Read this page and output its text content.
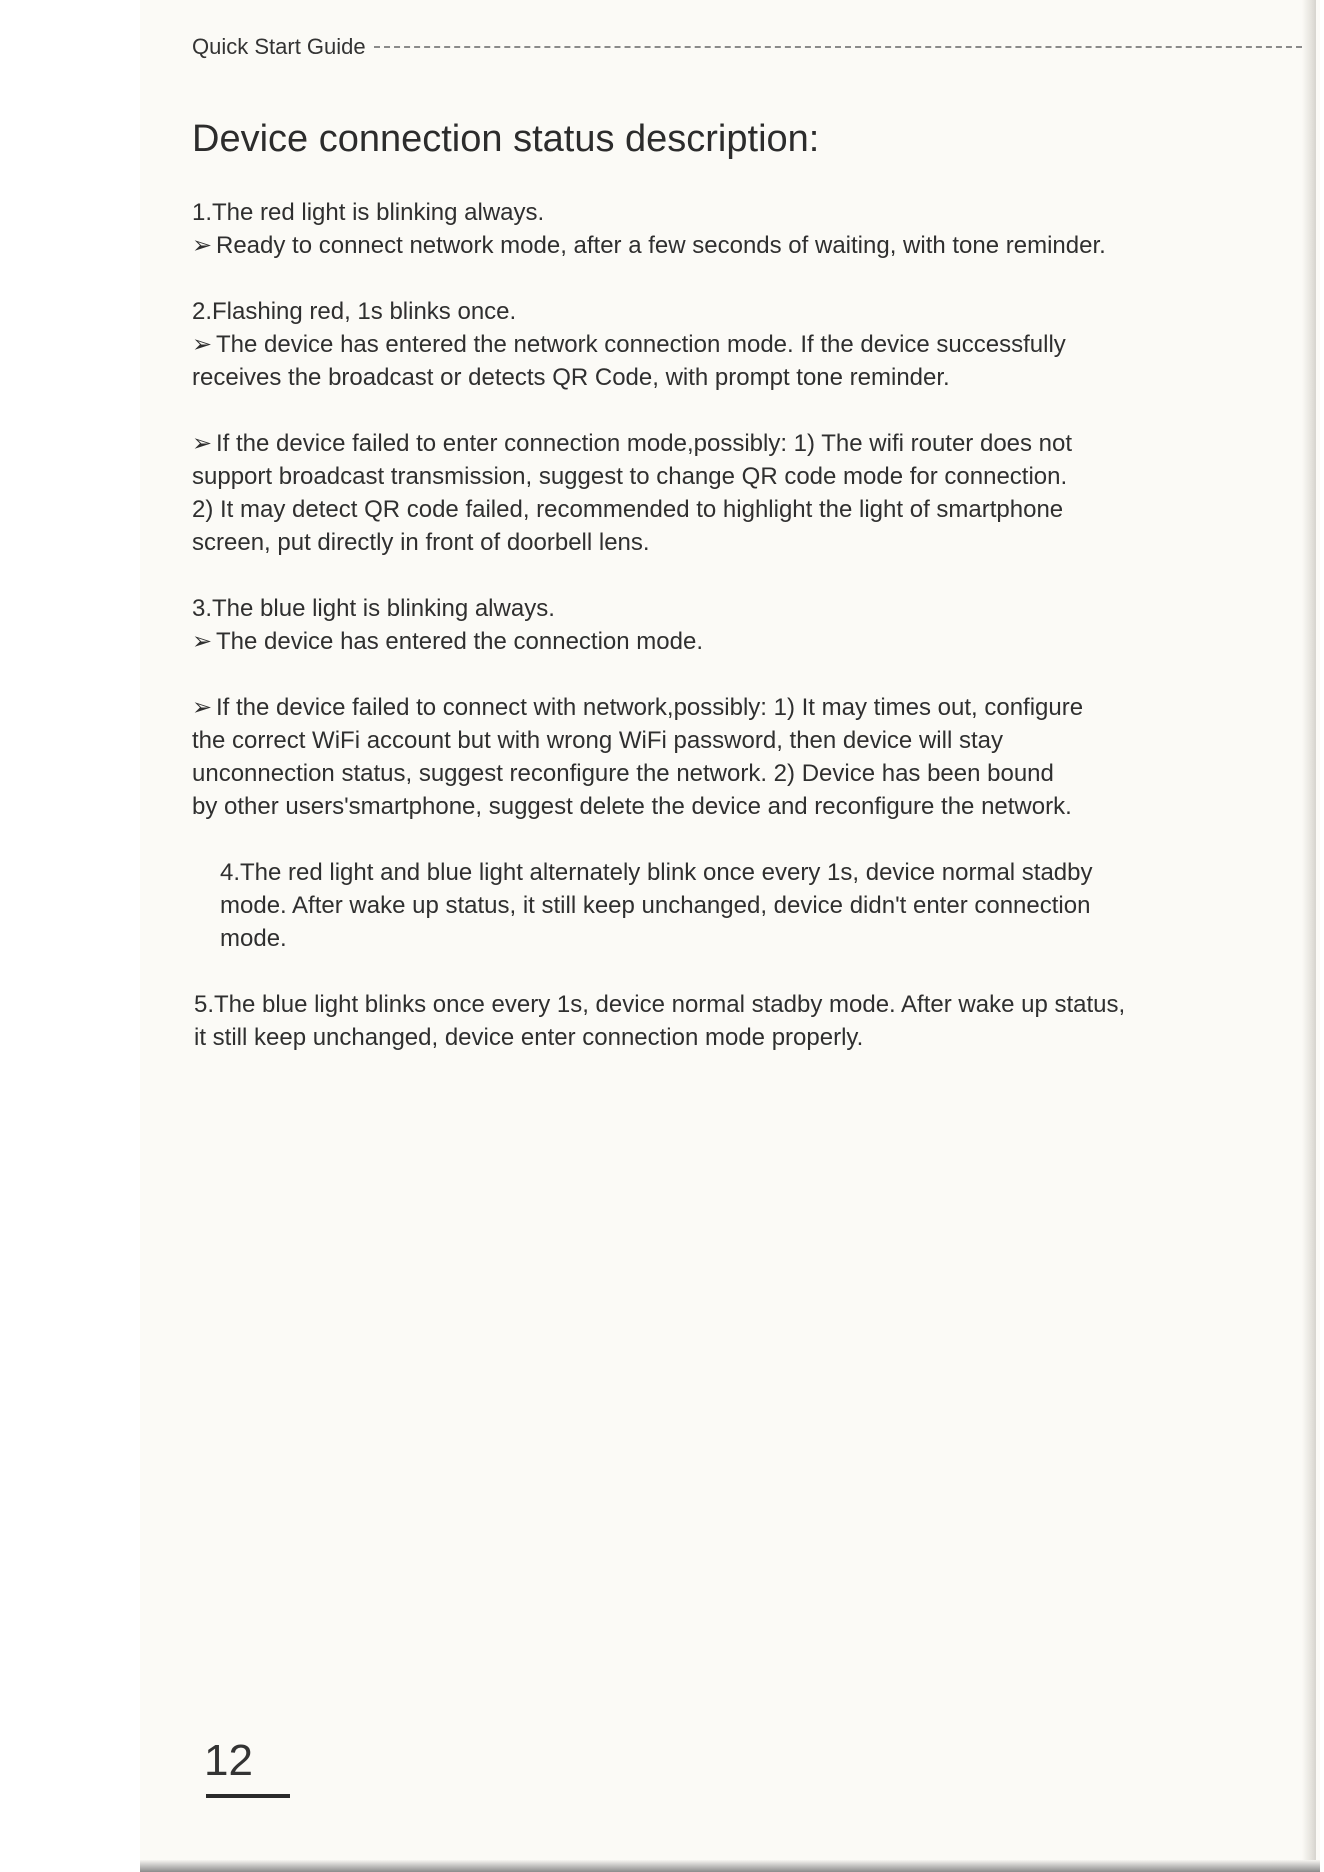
Quick Start Guide
Device connection status description:

1.The red light is blinking always.

➢ Ready to connect network mode, after a few seconds of waiting, with tone reminder.

2.Flashing red, 1s blinks once.

➢ The device has entered the network connection mode. If the device successfully

receives the broadcast or detects QR Code, with prompt tone reminder.

➢ If the device failed to enter connection mode,possibly: 1) The wifi router does not

support broadcast transmission, suggest to change QR code mode for connection.

2) It may detect QR code failed, recommended to highlight the light of smartphone

screen, put directly in front of doorbell lens.

3.The blue light is blinking always.

➢ The device has entered the connection mode.

➢ If the device failed to connect with network,possibly: 1) It may times out, configure

the correct WiFi account but with wrong WiFi password, then device will stay

unconnection status, suggest reconfigure the network. 2) Device has been bound

by other users'smartphone, suggest delete the device and reconfigure the network.

4.The red light and blue light alternately blink once every 1s, device normal stadby

mode. After wake up status, it still keep unchanged, device didn't enter connection

mode.

5.The blue light blinks once every 1s, device normal stadby mode. After wake up status,

it still keep unchanged, device enter connection mode properly.

12
